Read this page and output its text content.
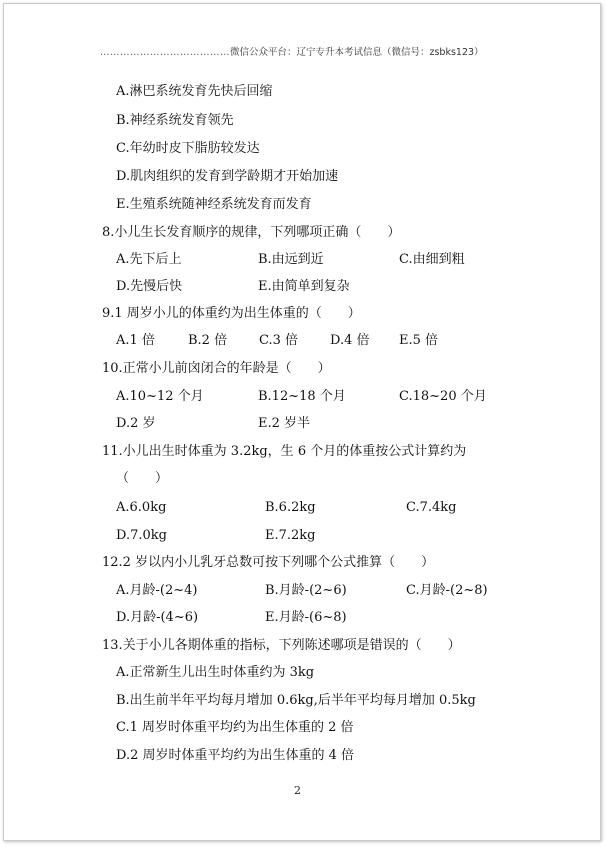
…………………………………微信公众平台：辽宁专升本考试信息（微信号：zsbks123）
A.淋巴系统发育先快后回缩
B.神经系统发育领先
C.年幼时皮下脂肪较发达
D.肌肉组织的发育到学龄期才开始加速
E.生殖系统随神经系统发育而发育
8.小儿生长发育顺序的规律，下列哪项正确（　　）
A.先下后上	B.由远到近	C.由细到粗
D.先慢后快	E.由简单到复杂
9.1 周岁小儿的体重约为出生体重的（　　）
A.1 倍	B.2 倍 C.3 倍 D.4 倍 E.5 倍
10.正常小儿前囟闭合的年龄是（　　）
A.10~12 个月	B.12~18 个月	C.18~20 个月
D.2 岁	E.2 岁半
11.小儿出生时体重为 3.2kg，生 6 个月的体重按公式计算约为
（　　）
A.6.0kg	B.6.2kg	C.7.4kg
D.7.0kg	E.7.2kg
12.2 岁以内小儿乳牙总数可按下列哪个公式推算（　　）
A.月龄-(2~4)	B.月龄-(2~6)	C.月龄-(2~8)
D.月龄-(4~6)	E.月龄-(6~8)
13.关于小儿各期体重的指标，下列陈述哪项是错误的（　　）
A.正常新生儿出生时体重约为 3kg
B.出生前半年平均每月增加 0.6kg,后半年平均每月增加 0.5kg
C.1 周岁时体重平均约为出生体重的 2 倍
D.2 周岁时体重平均约为出生体重的 4 倍
2
